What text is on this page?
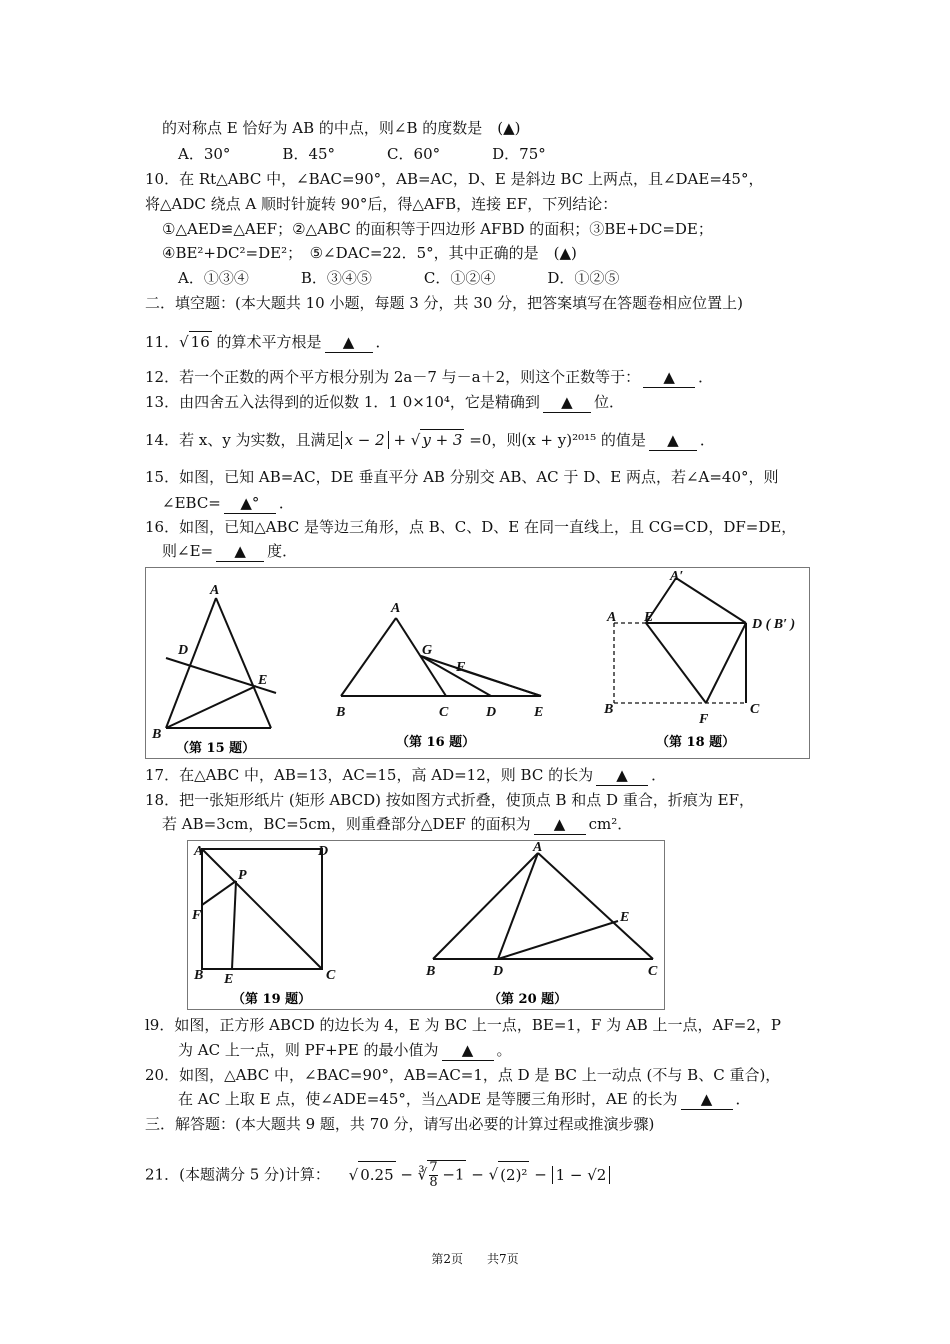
的对称点 E 恰好为 AB 的中点，则∠B 的度数是　(▲)
A．30°	B．45°	C．60°	D．75°
10．在 Rt△ABC 中，∠BAC=90°，AB=AC，D、E 是斜边 BC 上两点，且∠DAE=45°，
将△ADC 绕点 A 顺时针旋转 90°后，得△AFB，连接 EF，下列结论：
①△AED≌△AEF；②△ABC 的面积等于四边形 AFBD 的面积；③BE+DC=DE；
④BE²+DC²=DE²；　⑤∠DAC=22．5°，其中正确的是　(▲)
A．①③④	B．③④⑤	C．①②④	D．①②⑤
二．填空题：(本大题共 10 小题，每题 3 分，共 30 分，把答案填写在答题卷相应位置上)
11．√ 16 的算术平方根是 ▲ ．
12．若一个正数的两个平方根分别为 2a－7 与－a＋2，则这个正数等于： ▲ ．
13．由四舍五入法得到的近似数 1．1 0×10⁴，它是精确到 ▲ 位．
14．若 x、y 为实数，且满足 x − 2 + √ y + 3 =0，则(x + y)²⁰¹⁵ 的值是 ▲ ．
15．如图，已知 AB=AC，DE 垂直平分 AB 分别交 AB、AC 于 D、E 两点，若∠A=40°，则
∠EBC= ▲° ．
16．如图，已知△ABC 是等边三角形，点 B、C、D、E 在同一直线上，且 CG=CD，DF=DE，
则∠E= ▲ 度．
A
D
E
B
A
G
F
B	C	D	E
A′
A E	D ( B′ )
B
F
C
（第 15 题）	（第 16 题）	（第 18 题）
17．在△ABC 中，AB=13，AC=15，高 AD=12，则 BC 的长为 ▲ ．
18．把一张矩形纸片 (矩形 ABCD) 按如图方式折叠，使顶点 B 和点 D 重合，折痕为 EF，
若 AB=3cm，BC=5cm，则重叠部分△DEF 的面积为 ▲ cm²．
A	D
P
F
B E	C
A
E
B	D	C
（第 19 题）	（第 20 题）
l9．如图，正方形 ABCD 的边长为 4，E 为 BC 上一点，BE=1，F 为 AB 上一点，AF=2，P
为 AC 上一点，则 PF+PE 的最小值为 ▲ 。
20．如图，△ABC 中，∠BAC=90°，AB=AC=1，点 D 是 BC 上一动点 (不与 B、C 重合)，
在 AC 上取 E 点，使∠ADE=45°，当△ADE 是等腰三角形时，AE 的长为 ▲ ．
三．解答题：(本大题共 9 题，共 70 分，请写出必要的计算过程或推演步骤)
21．(本题满分 5 分)计算： √ 0.25 − ∛ $\frac{7}{8} -1$ − √ (2)² − 1 − √2
第2页　　共7页
